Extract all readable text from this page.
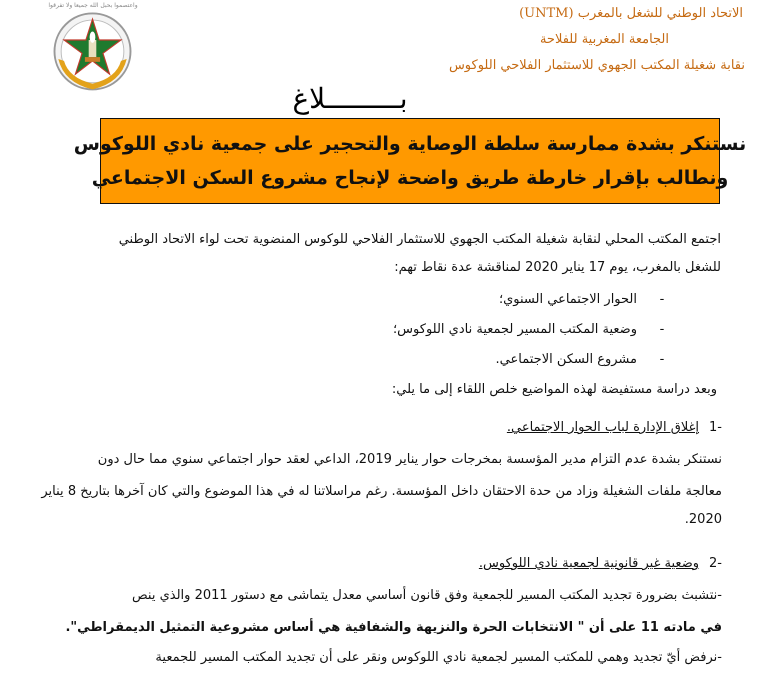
واعتصموا بحبل الله جميعا ولا تفرقوا
الاتحاد الوطني للشغل بالمغرب (UNTM)
الجامعة المغربية للفلاحة
نقابة شغيلة المكتب الجهوي للاستثمار الفلاحي اللوكوس
بـــــــــلاغ
نستنكر بشدة ممارسة سلطة الوصاية والتحجير على جمعية نادي اللوكوس
ونطالب بإقرار خارطة طريق واضحة لإنجاح مشروع السكن الاجتماعي
اجتمع المكتب المحلي لنقابة شغيلة المكتب الجهوي للاستثمار الفلاحي للوكوس المنضوية تحت لواء الاتحاد الوطني
للشغل بالمغرب، يوم 17 يناير 2020 لمناقشة عدة نقاط تهم:
-الحوار الاجتماعي السنوي؛
-وضعية المكتب المسير لجمعية نادي اللوكوس؛
-مشروع السكن الاجتماعي.
وبعد دراسة مستفيضة لهذه المواضيع خلص اللقاء إلى ما يلي:
-1إغلاق الإدارة لباب الحوار الاجتماعي.
نستنكر بشدة عدم التزام مدير المؤسسة بمخرجات حوار يناير 2019، الداعي لعقد حوار اجتماعي سنوي مما حال دون
معالجة ملفات الشغيلة وزاد من حدة الاحتقان داخل المؤسسة. رغم مراسلاتنا له في هذا الموضوع والتي كان آخرها بتاريخ 8 يناير
2020.
-2وضعية غير قانونية لجمعية نادي اللوكوس.
-نتشبث بضرورة تجديد المكتب المسير للجمعية وفق قانون أساسي معدل يتماشى مع دستور 2011 والذي ينص
في مادته 11 على أن " الانتخابات الحرة والنزيهة والشفافية هي أساس مشروعية التمثيل الديمقراطي".
-نرفض أيّ تجديد وهمي للمكتب المسير لجمعية نادي اللوكوس ونقر على أن تجديد المكتب المسير للجمعية
